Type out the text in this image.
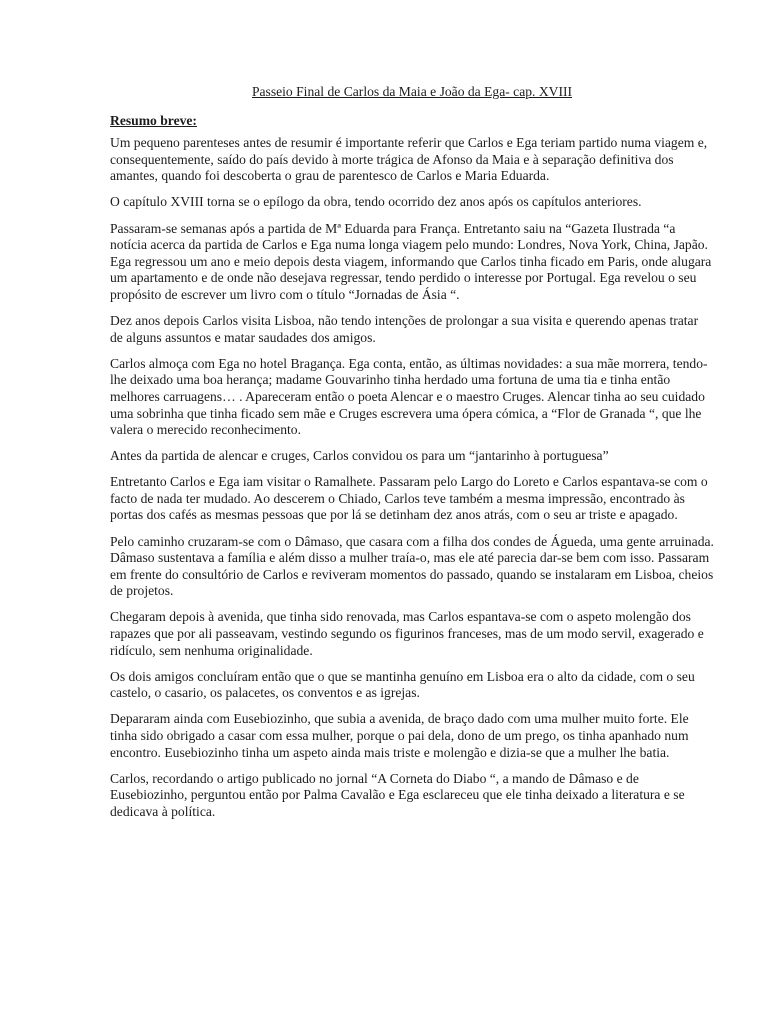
Passeio Final de Carlos da Maia e João da Ega- cap. XVIII

Resumo breve:

Um pequeno parenteses antes de resumir é importante referir que Carlos e Ega teriam partido numa viagem e, consequentemente, saído do país devido à morte trágica de Afonso da Maia e à separação definitiva dos amantes, quando foi descoberta o grau de parentesco de Carlos e Maria Eduarda.

O capítulo XVIII torna se o epílogo da obra, tendo ocorrido dez anos após os capítulos anteriores.

Passaram-se semanas após a partida de Mª Eduarda para França. Entretanto saiu na “Gazeta Ilustrada “a notícia acerca da partida de Carlos e Ega numa longa viagem pelo mundo: Londres, Nova York, China, Japão. Ega regressou um ano e meio depois desta viagem, informando que Carlos tinha ficado em Paris, onde alugara um apartamento e de onde não desejava regressar, tendo perdido o interesse por Portugal. Ega revelou o seu propósito de escrever um livro com o título “Jornadas de Ásia “.

Dez anos depois Carlos visita Lisboa, não tendo intenções de prolongar a sua visita e querendo apenas tratar de alguns assuntos e matar saudades dos amigos.

Carlos almoça com Ega no hotel Bragança. Ega conta, então, as últimas novidades: a sua mãe morrera, tendo-lhe deixado uma boa herança; madame Gouvarinho tinha herdado uma fortuna de uma tia e tinha então melhores carruagens… . Apareceram então o poeta Alencar e o maestro Cruges. Alencar tinha ao seu cuidado uma sobrinha que tinha ficado sem mãe e Cruges escrevera uma ópera cómica, a “Flor de Granada “, que lhe valera o merecido reconhecimento.

Antes da partida de alencar e cruges, Carlos convidou os para um “jantarinho à portuguesa”

Entretanto Carlos e Ega iam visitar o Ramalhete. Passaram pelo Largo do Loreto e Carlos espantava-se com o facto de nada ter mudado. Ao descerem o Chiado, Carlos teve também a mesma impressão, encontrado às portas dos cafés as mesmas pessoas que por lá se detinham dez anos atrás, com o seu ar triste e apagado.

Pelo caminho cruzaram-se com o Dâmaso, que casara com a filha dos condes de Águeda, uma gente arruinada. Dâmaso sustentava a família e além disso a mulher traía-o, mas ele até parecia dar-se bem com isso. Passaram em frente do consultório de Carlos e reviveram momentos do passado, quando se instalaram em Lisboa, cheios de projetos.

Chegaram depois à avenida, que tinha sido renovada, mas Carlos espantava-se com o aspeto molengão dos rapazes que por ali passeavam, vestindo segundo os figurinos franceses, mas de um modo servil, exagerado e ridículo, sem nenhuma originalidade.

Os dois amigos concluíram então que o que se mantinha genuíno em Lisboa era o alto da cidade, com o seu castelo, o casario, os palacetes, os conventos e as igrejas.

Depararam ainda com Eusebiozinho, que subia a avenida, de braço dado com uma mulher muito forte. Ele tinha sido obrigado a casar com essa mulher, porque o pai dela, dono de um prego, os tinha apanhado num encontro. Eusebiozinho tinha um aspeto ainda mais triste e molengão e dizia-se que a mulher lhe batia.

Carlos, recordando o artigo publicado no jornal “A Corneta do Diabo “, a mando de Dâmaso e de Eusebiozinho, perguntou então por Palma Cavalão e Ega esclareceu que ele tinha deixado a literatura e se dedicava à política.
